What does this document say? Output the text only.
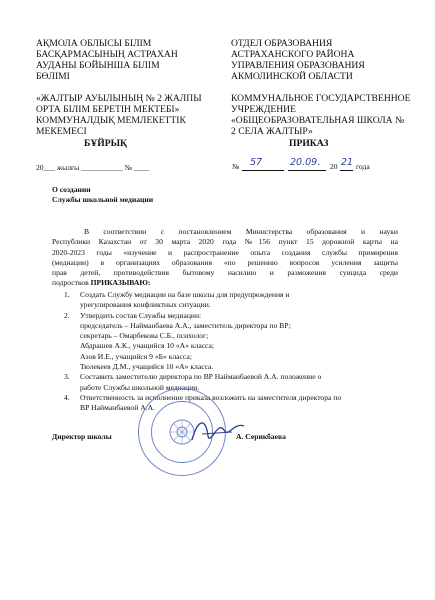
АҚМОЛА ОБЛЫСЫ БІЛІМ
БАСҚАРМАСЫНЫҢ АСТРАХАН
АУДАНЫ БОЙЫНША БІЛІМ
БӨЛІМІ
«ЖАЛТЫР АУЫЛЫНЫҢ № 2 ЖАЛПЫ
ОРТА БІЛІМ БЕРЕТІН МЕКТЕБІ»
КОММУНАЛДЫҚ МЕМЛЕКЕТТІК
МЕКЕМЕСІ
БҰЙРЫҚ
20___ жылғы ___________ № ____
ОТДЕЛ ОБРАЗОВАНИЯ
АСТРАХАНСКОГО РАЙОНА
УПРАВЛЕНИЯ ОБРАЗОВАНИЯ
АКМОЛИНСКОЙ ОБЛАСТИ
КОММУНАЛЬНОЕ ГОСУДАРСТВЕННОЕ
УЧРЕЖДЕНИЕ
«ОБЩЕОБРАЗОВАТЕЛЬНАЯ ШКОЛА №
2 СЕЛА ЖАЛТЫР»
ПРИКАЗ
№ 57	20.09. 20 21 года
О создании
Службы школьной медиации
В соответствии с постановлением Министерства образования и науки
Республики Казахстан от 30 марта 2020 года №156 пункт 15 дорожной карты на
2020-2023 годы «изучение и распространение опыта создания службы примирения
(медиации) в организациях образования «по решению вопросов усиления защиты
прав детей, противодействия бытовому насилию и разможения суицида среди
подростков ПРИКАЗЫВАЮ:
1.	Создать Службу медиации на базе школы для предупреждения и
урегулирования конфликтных ситуации.
2.	Утвердить состав Службы медиации:
председатель – Найманбаева А.А., заместитель директора по ВР;
секретарь – Омарбекова С.Б., психолог;
Абдрашев А.К., учащийся 10 «А» класса;
Азов И.Е., учащийся 9 «Б» класса;
Тюлекеев Д.М., учащийся 10 «А» класса.
3.	Составить заместителю директора по ВР Найманбаевой А.А. положение о
работе Службы школьной медиации.
4.	Ответственность за исполнение приказа возложить на заместителя директора по
ВР Найманбаевой А.А.
Директор школы	А. Серикбаева
